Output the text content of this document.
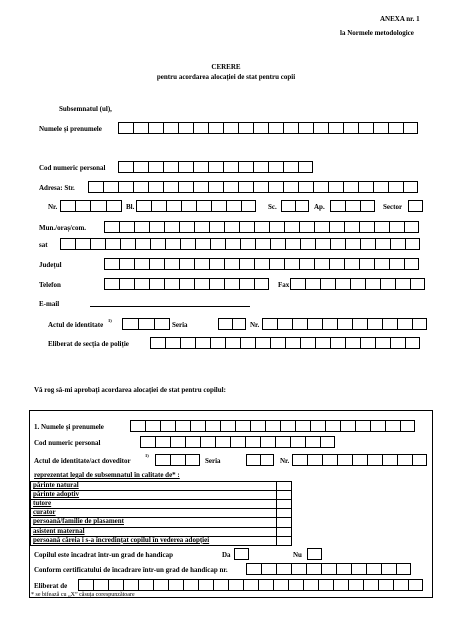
ANEXA nr. 1
la Normele metodologice
CERERE
pentru acordarea alocației de stat pentru copii
Subsemnatul (ul),
Numele și prenumele
Cod numeric personal
Adresa: Str.
Nr.	Bl.	Sc.	Ap.	Sector
Mun./oraș/com.
sat
Județul
Telefon	Fax
E-mail
Actul de identitate
1)
Seria	Nr.
Eliberat de secția de poliție
Vă rog să-mi aprobați acordarea alocației de stat pentru copilul:
1. Numele și prenumele
Cod numeric personal
Actul de identitate/act doveditor
1)
Seria	Nr.
reprezentat legal de subsemnatul în calitate de* :
părinte natural
părinte adoptiv
tutore
curator
persoană/familie de plasament
asistent maternal
persoană căreia i s-a încredințat copilul în vederea adopției
Copilul este încadrat într-un grad de handicap	Da	Nu
Conform certificatului de încadrare într-un grad de handicap nr.
Eliberat de
* se bifează cu „X” căsuța corespunzătoare
